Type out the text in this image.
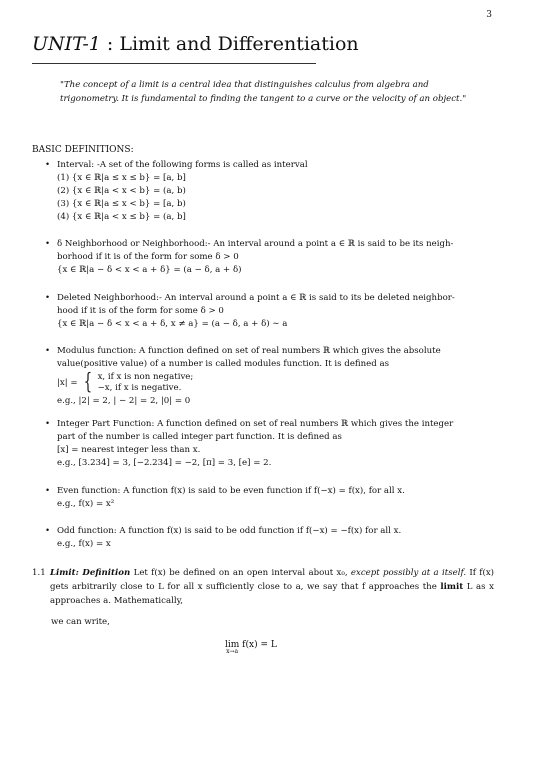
3
UNIT-1 : Limit and Differentiation
"The concept of a limit is a central idea that distinguishes calculus from algebra and trigonometry. It is fundamental to finding the tangent to a curve or the velocity of an object."
BASIC DEFINITIONS:
• Interval: -A set of the following forms is called as interval
(1) {x ∈ ℝ|a ≤ x ≤ b} = [a, b]
(2) {x ∈ ℝ|a < x < b} = (a, b)
(3) {x ∈ ℝ|a ≤ x < b} = [a, b)
(4) {x ∈ ℝ|a < x ≤ b} = (a, b]
• δ Neighborhood or Neighborhood:- An interval around a point a ∈ ℝ is said to be its neigh-
borhood if it is of the form for some δ > 0
{x ∈ ℝ|a − δ < x < a + δ} = (a − δ, a + δ)
• Deleted Neighborhood:- An interval around a point a ∈ ℝ is said to its be deleted neighbor-
hood if it is of the form for some δ > 0
{x ∈ ℝ|a − δ < x < a + δ, x ≠ a} = (a − δ, a + δ) ∼ a
• Modulus function: A function defined on set of real numbers ℝ which gives the absolute
value(positive value) of a number is called modules function. It is defined as
|x| = { x, if x is non negative;
−x, if x is negative.
e.g., |2| = 2, | − 2| = 2, |0| = 0
• Integer Part Function: A function defined on set of real numbers ℝ which gives the integer
part of the number is called integer part function. It is defined as
[x] = nearest integer less than x.
e.g., [3.234] = 3, [−2.234] = −2, [π] = 3, [e] = 2.
• Even function: A function f(x) is said to be even function if f(−x) = f(x), for all x.
e.g., f(x) = x²
• Odd function: A function f(x) is said to be odd function if f(−x) = −f(x) for all x.
e.g., f(x) = x
1.1 Limit: Definition Let f(x) be defined on an open interval about x₀, except possibly at a itself. If f(x) gets arbitrarily close to L for all x sufficiently close to a, we say that f approaches the limit L as x approaches a. Mathematically,
we can write,
lim
x→a
f(x) = L
